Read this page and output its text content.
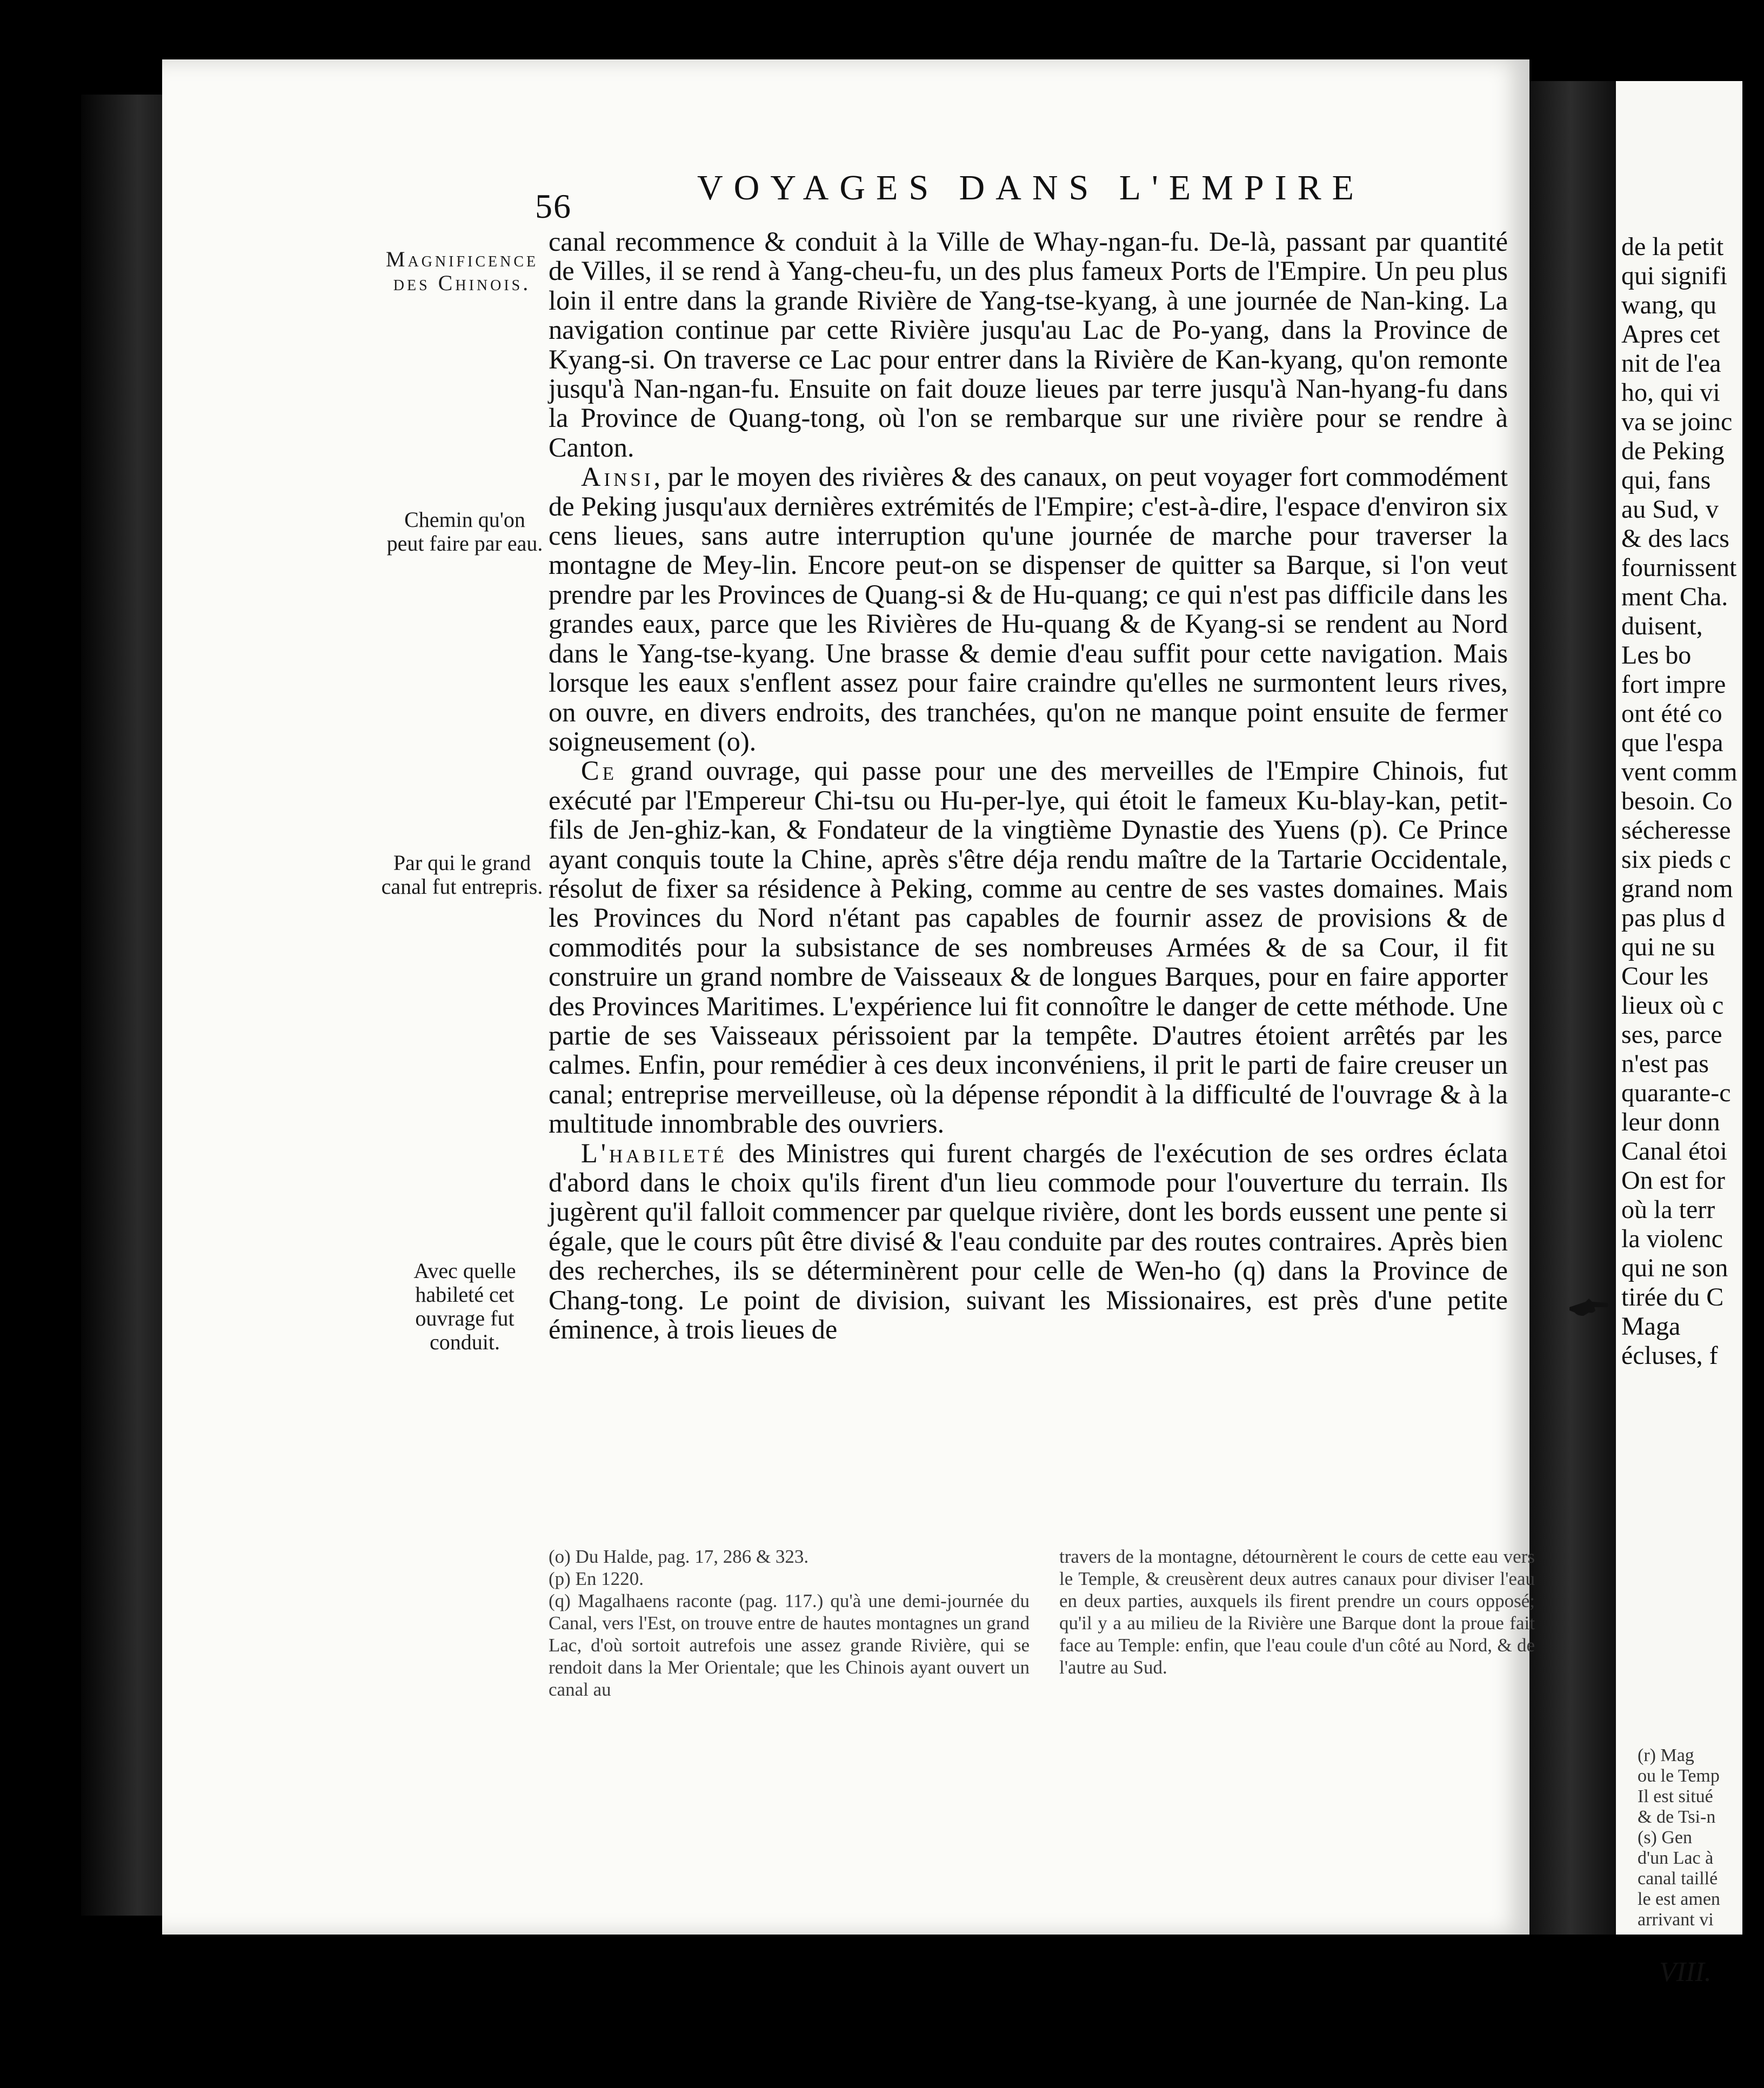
56	VOYAGES DANS L'EMPIRE
Magnificence des Chinois.
Chemin qu'on peut faire par eau.
Par qui le grand canal fut entrepris.
Avec quelle habileté cet ouvrage fut conduit.

canal recommence & conduit à la Ville de Whay-ngan-fu. De-là, passant par quantité de Villes, il se rend à Yang-cheu-fu, un des plus fameux Ports de l'Empire. Un peu plus loin il entre dans la grande Rivière de Yang-tse-kyang, à une journée de Nan-king. La navigation continue par cette Rivière jusqu'au Lac de Po-yang, dans la Province de Kyang-si. On traverse ce Lac pour entrer dans la Rivière de Kan-kyang, qu'on remonte jusqu'à Nan-ngan-fu. Ensuite on fait douze lieues par terre jusqu'à Nan-hyang-fu dans la Province de Quang-tong, où l'on se rembarque sur une rivière pour se rendre à Canton.

Ainsi, par le moyen des rivières & des canaux, on peut voyager fort commodément de Peking jusqu'aux dernières extrémités de l'Empire; c'est-à-dire, l'espace d'environ six cens lieues, sans autre interruption qu'une journée de marche pour traverser la montagne de Mey-lin. Encore peut-on se dispenser de quitter sa Barque, si l'on veut prendre par les Provinces de Quang-si & de Hu-quang; ce qui n'est pas difficile dans les grandes eaux, parce que les Rivières de Hu-quang & de Kyang-si se rendent au Nord dans le Yang-tse-kyang. Une brasse & demie d'eau suffit pour cette navigation. Mais lorsque les eaux s'enflent assez pour faire craindre qu'elles ne surmontent leurs rives, on ouvre, en divers endroits, des tranchées, qu'on ne manque point ensuite de fermer soigneusement (o).

Ce grand ouvrage, qui passe pour une des merveilles de l'Empire Chinois, fut exécuté par l'Empereur Chi-tsu ou Hu-per-lye, qui étoit le fameux Ku-blay-kan, petit-fils de Jen-ghiz-kan, & Fondateur de la vingtième Dynastie des Yuens (p). Ce Prince ayant conquis toute la Chine, après s'être déja rendu maître de la Tartarie Occidentale, résolut de fixer sa résidence à Peking, comme au centre de ses vastes domaines. Mais les Provinces du Nord n'étant pas capables de fournir assez de provisions & de commodités pour la subsistance de ses nombreuses Armées & de sa Cour, il fit construire un grand nombre de Vaisseaux & de longues Barques, pour en faire apporter des Provinces Maritimes. L'expérience lui fit connoître le danger de cette méthode. Une partie de ses Vaisseaux périssoient par la tempête. D'autres étoient arrêtés par les calmes. Enfin, pour remédier à ces deux inconvéniens, il prit le parti de faire creuser un canal; entreprise merveilleuse, où la dépense répondit à la difficulté de l'ouvrage & à la multitude innombrable des ouvriers.

L'habileté des Ministres qui furent chargés de l'exécution de ses ordres éclata d'abord dans le choix qu'ils firent d'un lieu commode pour l'ouverture du terrain. Ils jugèrent qu'il falloit commencer par quelque rivière, dont les bords eussent une pente si égale, que le cours pût être divisé & l'eau conduite par des routes contraires. Après bien des recherches, ils se déterminèrent pour celle de Wen-ho (q) dans la Province de Chang-tong. Le point de division, suivant les Missionaires, est près d'une petite éminence, à trois lieues de

(o) Du Halde, pag. 17, 286 & 323.

(p) En 1220.

(q) Magalhaens raconte (pag. 117.) qu'à une demi-journée du Canal, vers l'Est, on trouve entre de hautes montagnes un grand Lac, d'où sortoit autrefois une assez grande Rivière, qui se rendoit dans la Mer Orientale; que les Chinois ayant ouvert un canal au

travers de la montagne, détournèrent le cours de cette eau vers le Temple, & creusèrent deux autres canaux pour diviser l'eau en deux parties, auxquels ils firent prendre un cours opposé; qu'il y a au milieu de la Rivière une Barque dont la proue fait face au Temple: enfin, que l'eau coule d'un côté au Nord, & de l'autre au Sud.

de la petit
qui signifi
wang, qu
Apres cet
nit de l'ea
ho, qui vi
va se joinc
de Peking
qui, fans
au Sud, v
& des lacs
fournissent
ment Cha.
duisent,
Les bo
fort impre
ont été co
que l'espa
vent comm
besoin. Co
sécheresse
six pieds c
grand nom
pas plus d
qui ne su
Cour les
lieux où c
ses, parce
n'est pas
quarante-c
leur donn
Canal étoi
On est for
où la terr
la violenc
qui ne son
tirée du C
Maga
écluses, f
(r) Mag
ou le Temp
Il est situé
& de Tsi-n
(s) Gen
d'un Lac à
canal taillé
le est amen
arrivant vi
VIII.
